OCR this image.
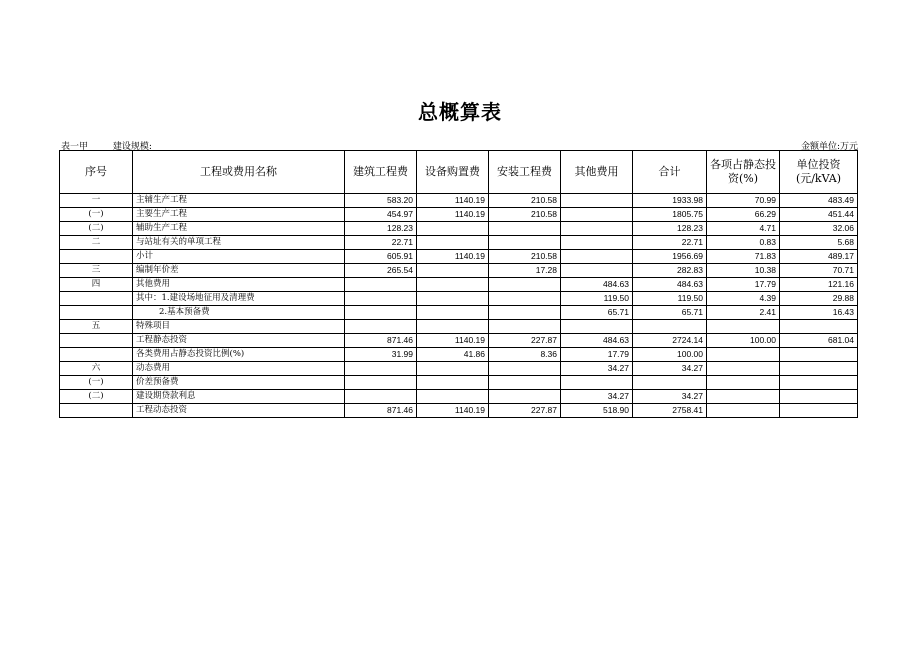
总概算表
表一甲	建设规模:	金额单位:万元
序号	工程或费用名称	建筑工程费	设备购置费	安装工程费	其他费用	合计	各项占静态投资(%)	单位投资(元/kVA)
一	主辅生产工程	583.20	1140.19	210.58		1933.98	70.99	483.49
(一)	主要生产工程	454.97	1140.19	210.58		1805.75	66.29	451.44
(二)	辅助生产工程	128.23				128.23	4.71	32.06
二	与站址有关的单项工程	22.71				22.71	0.83	5.68
	小计	605.91	1140.19	210.58		1956.69	71.83	489.17
三	编制年价差	265.54		17.28		282.83	10.38	70.71
四	其他费用				484.63	484.63	17.79	121.16
	其中：1.建设场地征用及清理费				119.50	119.50	4.39	29.88
	2.基本预备费				65.71	65.71	2.41	16.43
五	特殊项目							
	工程静态投资	871.46	1140.19	227.87	484.63	2724.14	100.00	681.04
	各类费用占静态投资比例(%)	31.99	41.86	8.36	17.79	100.00		
六	动态费用				34.27	34.27		
(一)	价差预备费							
(二)	建设期贷款利息				34.27	34.27		
	工程动态投资	871.46	1140.19	227.87	518.90	2758.41		
